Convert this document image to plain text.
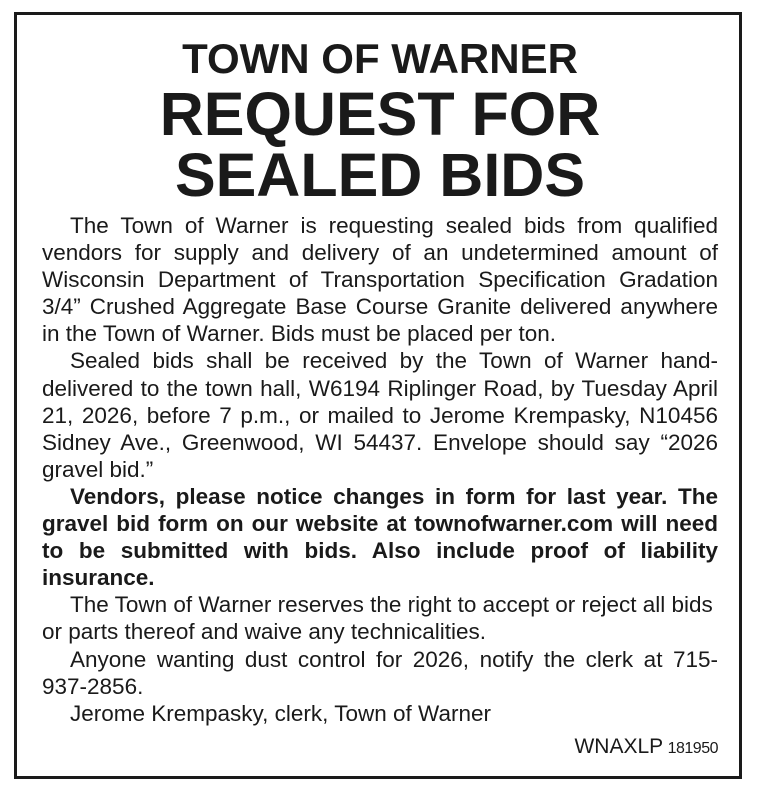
TOWN OF WARNER
REQUEST FOR
SEALED BIDS

The Town of Warner is requesting sealed bids from qualified vendors for supply and delivery of an undetermined amount of Wisconsin Department of Transportation Specification Gradation 3/4” Crushed Aggregate Base Course Granite delivered anywhere in the Town of Warner. Bids must be placed per ton.

Sealed bids shall be received by the Town of Warner hand-delivered to the town hall, W6194 Riplinger Road, by Tuesday April 21, 2026, before 7 p.m., or mailed to Jerome Krempasky, N10456 Sidney Ave., Greenwood, WI 54437. Envelope should say “2026 gravel bid.”

Vendors, please notice changes in form for last year. The gravel bid form on our website at townofwarner.com will need to be submitted with bids. Also include proof of liability insurance.

The Town of Warner reserves the right to accept or reject all bids or parts thereof and waive any technicalities.

Anyone wanting dust control for 2026, notify the clerk at 715-937-2856.

Jerome Krempasky, clerk, Town of Warner

WNAXLP 181950
